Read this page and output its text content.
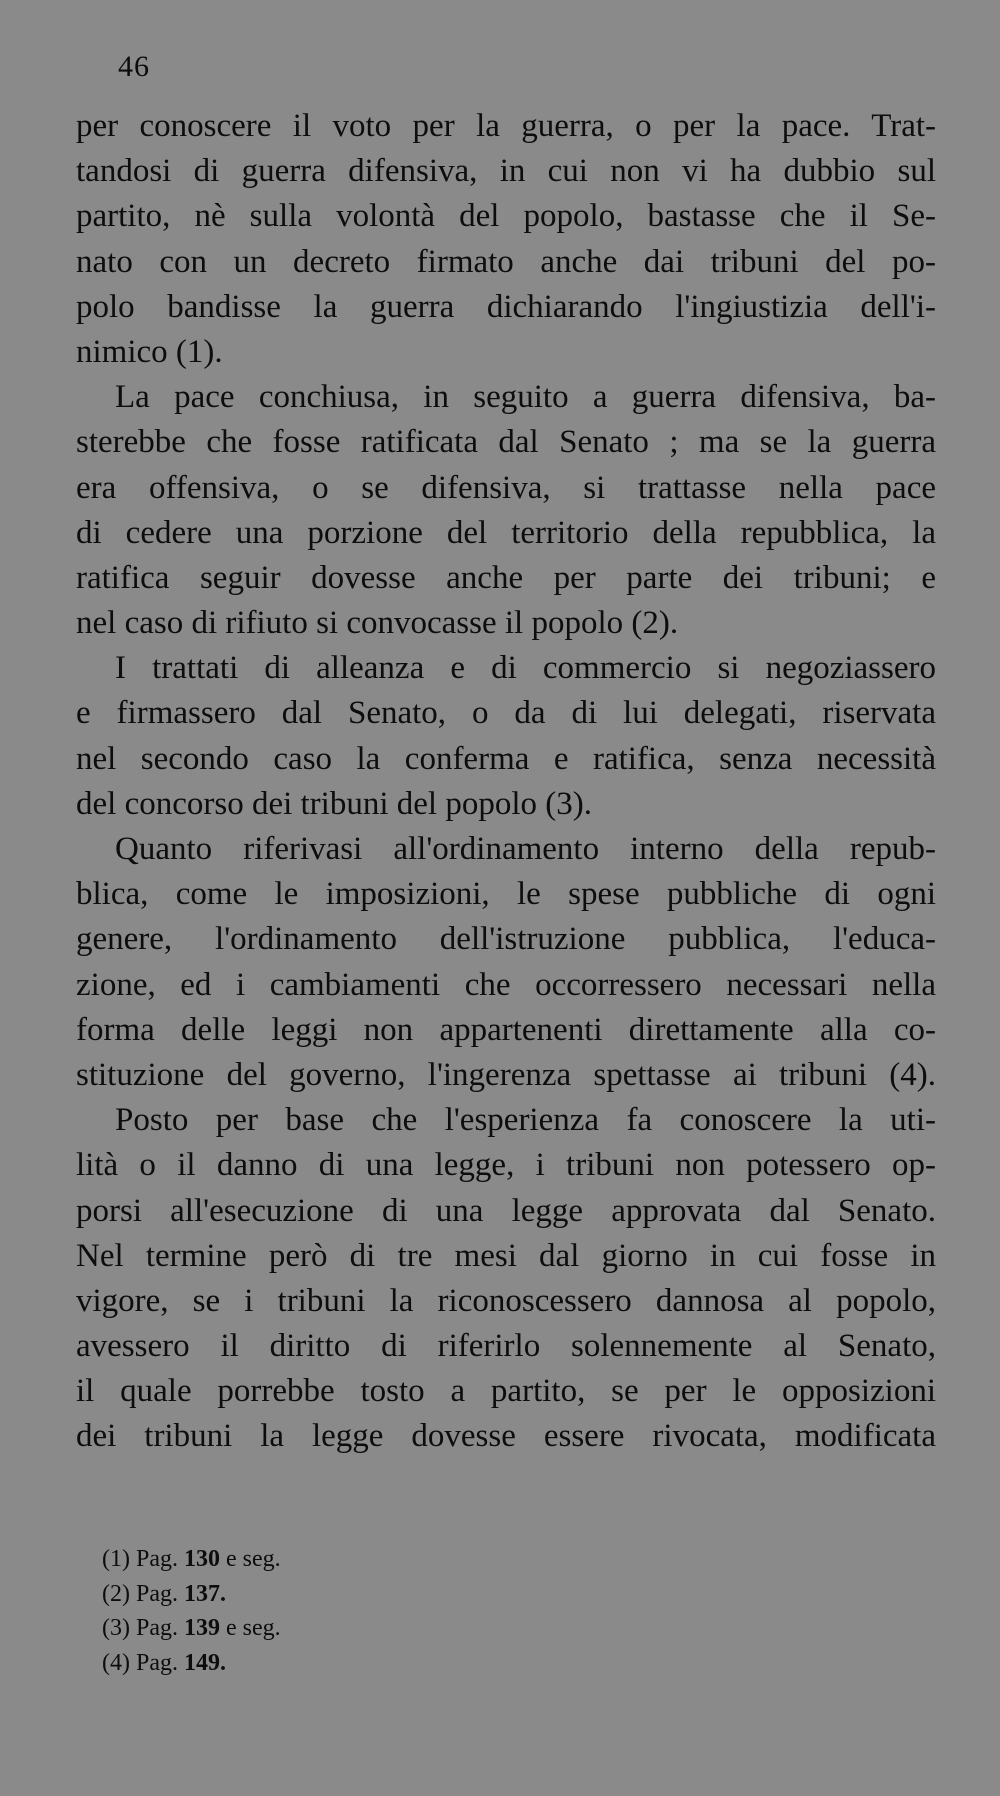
46
per conoscere il voto per la guerra, o per la pace. Trat-
tandosi di guerra difensiva, in cui non vi ha dubbio sul
partito, nè sulla volontà del popolo, bastasse che il Se-
nato con un decreto firmato anche dai tribuni del po-
polo bandisse la guerra dichiarando l'ingiustizia dell'i-
nimico (1).
La pace conchiusa, in seguito a guerra difensiva, ba-
sterebbe che fosse ratificata dal Senato ; ma se la guerra
era offensiva, o se difensiva, si trattasse nella pace
di cedere una porzione del territorio della repubblica, la
ratifica seguir dovesse anche per parte dei tribuni; e
nel caso di rifiuto si convocasse il popolo (2).
I trattati di alleanza e di commercio si negoziassero
e firmassero dal Senato, o da di lui delegati, riservata
nel secondo caso la conferma e ratifica, senza necessità
del concorso dei tribuni del popolo (3).
Quanto riferivasi all'ordinamento interno della repub-
blica, come le imposizioni, le spese pubbliche di ogni
genere, l'ordinamento dell'istruzione pubblica, l'educa-
zione, ed i cambiamenti che occorressero necessari nella
forma delle leggi non appartenenti direttamente alla co-
stituzione del governo, l'ingerenza spettasse ai tribuni (4).
Posto per base che l'esperienza fa conoscere la uti-
lità o il danno di una legge, i tribuni non potessero op-
porsi all'esecuzione di una legge approvata dal Senato.
Nel termine però di tre mesi dal giorno in cui fosse in
vigore, se i tribuni la riconoscessero dannosa al popolo,
avessero il diritto di riferirlo solennemente al Senato,
il quale porrebbe tosto a partito, se per le opposizioni
dei tribuni la legge dovesse essere rivocata, modificata
(1) Pag. 130 e seg.
(2) Pag. 137.
(3) Pag. 139 e seg.
(4) Pag. 149.
